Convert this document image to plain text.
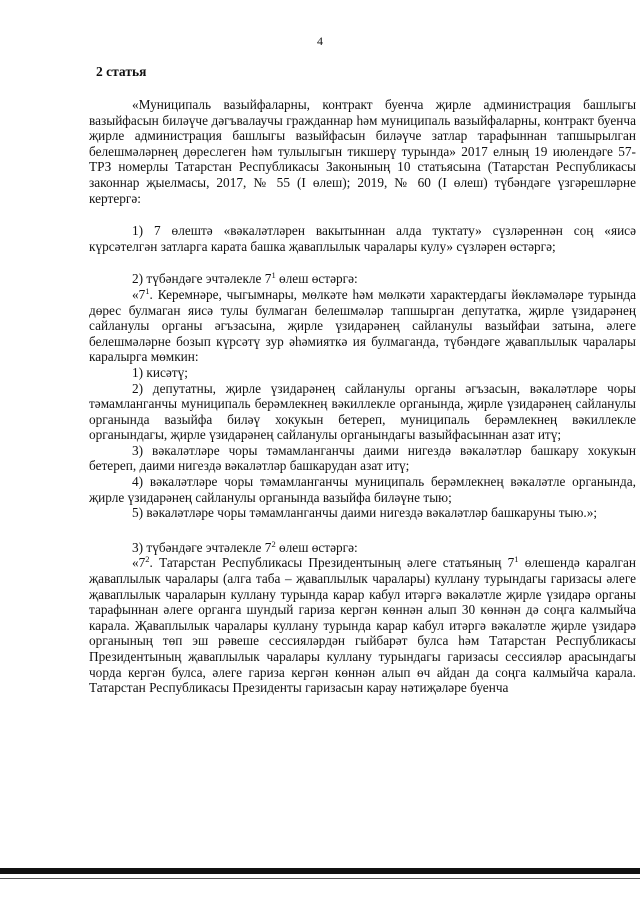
4
2 статья

«Муниципаль вазыйфаларны, контракт буенча җирле администрация башлыгы вазыйфасын биләүче дәгъвалаучы гражданнар һәм муниципаль вазыйфаларны, контракт буенча җирле администрация башлыгы вазыйфасын биләүче затлар тарафыннан тапшырылган белешмәләрнең дөреслеген һәм тулылыгын тикшерү турында» 2017 елның 19 июлендәге 57-ТРЗ номерлы Татарстан Республикасы Законының 10 статьясына (Татарстан Республикасы законнар җыелмасы, 2017, № 55 (I өлеш); 2019, № 60 (I өлеш) түбәндәге үзгәрешләрне кертергә:

1) 7 өлештә «вәкаләтләрен вакытыннан алда туктату» сүзләреннән соң «яисә күрсәтелгән затларга карата башка җаваплылык чаралары кулу» сүзләрен өстәргә;

2) түбәндәге эчтәлекле $7^1$ өлеш өстәргә:

«$7^1$. Керемнәре, чыгымнары, мөлкәте һәм мөлкәти характердагы йөкләмәләре турында дөрес булмаган яисә тулы булмаган белешмәләр тапшырган депутатка, җирле үзидарәнең сайланулы органы әгъзасына, җирле үзидарәнең сайланулы вазыйфаи затына, әлеге белешмәләрне бозып күрсәтү зур әһәмияткә ия булмаганда, түбәндәге җаваплылык чаралары каралырга мөмкин:

1) кисәтү;

2) депутатны, җирле үзидарәнең сайланулы органы әгъзасын, вәкаләтләре чоры тәмамланганчы муниципаль берәмлекнең вәкиллекле органында, җирле үзидарәнең сайланулы органында вазыйфа биләү хокукын бетереп, муниципаль берәмлекнең вәкиллекле органындагы, җирле үзидарәнең сайланулы органындагы вазыйфасыннан азат итү;

3) вәкаләтләре чоры тәмамланганчы даими нигездә вәкаләтләр башкару хокукын бетереп, даими нигездә вәкаләтләр башкарудан азат итү;

4) вәкаләтләре чоры тәмамланганчы муниципаль берәмлекнең вәкаләтле органында, җирле үзидарәнең сайланулы органында вазыйфа биләүне тыю;

5) вәкаләтләре чоры тәмамланганчы даими нигездә вәкаләтләр башкаруны тыю.»;

3) түбәндәге эчтәлекле $7^2$ өлеш өстәргә:

«$7^2$. Татарстан Республикасы Президентының әлеге статьяның $7^1$ өлешендә каралган җаваплылык чаралары (алга таба – җаваплылык чаралары) куллану турындагы гаризасы әлеге җаваплылык чараларын куллану турында карар кабул итәргә вәкаләтле җирле үзидарә органы тарафыннан әлеге органга шундый гариза кергән көннән алып 30 көннән дә соңга калмыйча карала. Җаваплылык чаралары куллану турында карар кабул итәргә вәкаләтле җирле үзидарә органының төп эш рәвеше сессияләрдән гыйбарәт булса һәм Татарстан Республикасы Президентының җаваплылык чаралары куллану турындагы гаризасы сессияләр арасындагы чорда кергән булса, әлеге гариза кергән көннән алып өч айдан да соңга калмыйча карала. Татарстан Республикасы Президенты гаризасын карау нәтиҗәләре буенча
